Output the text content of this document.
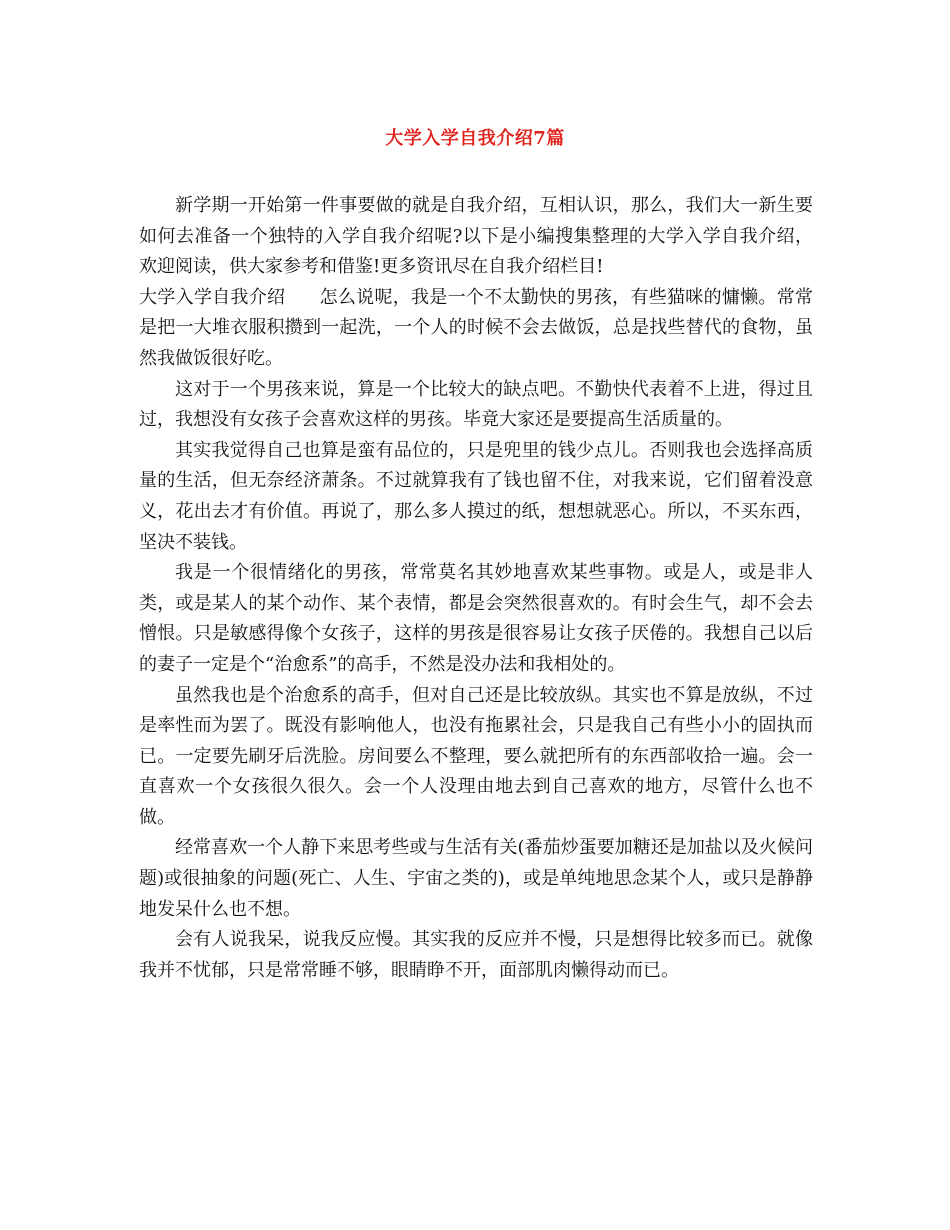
大学入学自我介绍7篇

新学期一开始第一件事要做的就是自我介绍，互相认识，那么，我们大一新生要如何去准备一个独特的入学自我介绍呢?以下是小编搜集整理的大学入学自我介绍，欢迎阅读，供大家参考和借鉴!更多资讯尽在自我介绍栏目!

大学入学自我介绍 怎么说呢，我是一个不太勤快的男孩，有些猫咪的慵懒。常常是把一大堆衣服积攒到一起洗，一个人的时候不会去做饭，总是找些替代的食物，虽然我做饭很好吃。

这对于一个男孩来说，算是一个比较大的缺点吧。不勤快代表着不上进，得过且过，我想没有女孩子会喜欢这样的男孩。毕竟大家还是要提高生活质量的。

其实我觉得自己也算是蛮有品位的，只是兜里的钱少点儿。否则我也会选择高质量的生活，但无奈经济萧条。不过就算我有了钱也留不住，对我来说，它们留着没意义，花出去才有价值。再说了，那么多人摸过的纸，想想就恶心。所以，不买东西，坚决不装钱。

我是一个很情绪化的男孩，常常莫名其妙地喜欢某些事物。或是人，或是非人类，或是某人的某个动作、某个表情，都是会突然很喜欢的。有时会生气，却不会去憎恨。只是敏感得像个女孩子，这样的男孩是很容易让女孩子厌倦的。我想自己以后的妻子一定是个“治愈系”的高手，不然是没办法和我相处的。

虽然我也是个治愈系的高手，但对自己还是比较放纵。其实也不算是放纵，不过是率性而为罢了。既没有影响他人，也没有拖累社会，只是我自己有些小小的固执而已。一定要先刷牙后洗脸。房间要么不整理，要么就把所有的东西部收拾一遍。会一直喜欢一个女孩很久很久。会一个人没理由地去到自己喜欢的地方，尽管什么也不做。

经常喜欢一个人静下来思考些或与生活有关(番茄炒蛋要加糖还是加盐以及火候问题)或很抽象的问题(死亡、人生、宇宙之类的)，或是单纯地思念某个人，或只是静静地发呆什么也不想。

会有人说我呆，说我反应慢。其实我的反应并不慢，只是想得比较多而已。就像我并不忧郁，只是常常睡不够，眼睛睁不开，面部肌肉懒得动而已。
